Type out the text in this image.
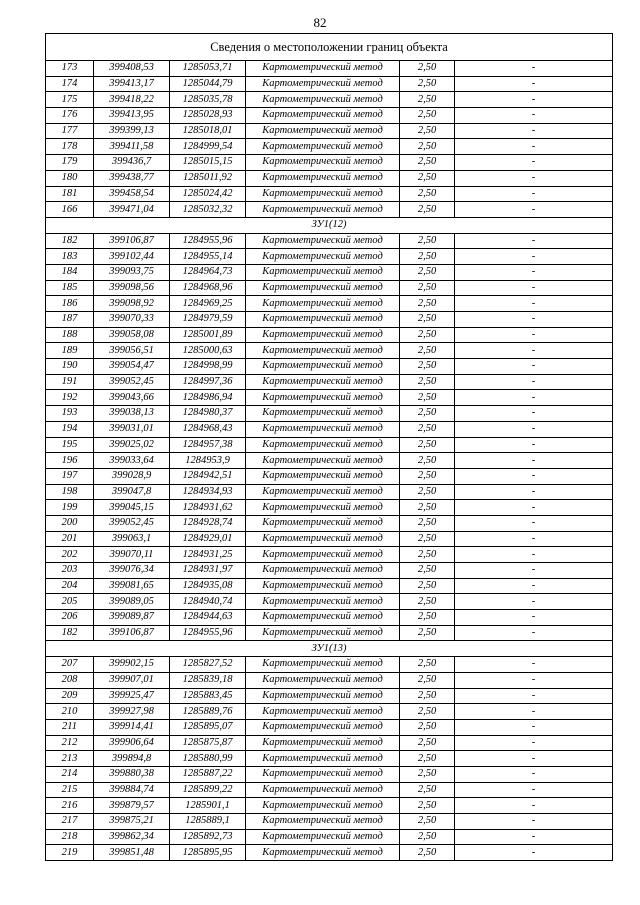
82
Сведения о местоположении границ объекта					
173	399408,53	1285053,71	Картометрический метод	2,50	-
174	399413,17	1285044,79	Картометрический метод	2,50	-
175	399418,22	1285035,78	Картометрический метод	2,50	-
176	399413,95	1285028,93	Картометрический метод	2,50	-
177	399399,13	1285018,01	Картометрический метод	2,50	-
178	399411,58	1284999,54	Картометрический метод	2,50	-
179	399436,7	1285015,15	Картометрический метод	2,50	-
180	399438,77	1285011,92	Картометрический метод	2,50	-
181	399458,54	1285024,42	Картометрический метод	2,50	-
166	399471,04	1285032,32	Картометрический метод	2,50	-
ЗУ1(12)					
182	399106,87	1284955,96	Картометрический метод	2,50	-
183	399102,44	1284955,14	Картометрический метод	2,50	-
184	399093,75	1284964,73	Картометрический метод	2,50	-
185	399098,56	1284968,96	Картометрический метод	2,50	-
186	399098,92	1284969,25	Картометрический метод	2,50	-
187	399070,33	1284979,59	Картометрический метод	2,50	-
188	399058,08	1285001,89	Картометрический метод	2,50	-
189	399056,51	1285000,63	Картометрический метод	2,50	-
190	399054,47	1284998,99	Картометрический метод	2,50	-
191	399052,45	1284997,36	Картометрический метод	2,50	-
192	399043,66	1284986,94	Картометрический метод	2,50	-
193	399038,13	1284980,37	Картометрический метод	2,50	-
194	399031,01	1284968,43	Картометрический метод	2,50	-
195	399025,02	1284957,38	Картометрический метод	2,50	-
196	399033,64	1284953,9	Картометрический метод	2,50	-
197	399028,9	1284942,51	Картометрический метод	2,50	-
198	399047,8	1284934,93	Картометрический метод	2,50	-
199	399045,15	1284931,62	Картометрический метод	2,50	-
200	399052,45	1284928,74	Картометрический метод	2,50	-
201	399063,1	1284929,01	Картометрический метод	2,50	-
202	399070,11	1284931,25	Картометрический метод	2,50	-
203	399076,34	1284931,97	Картометрический метод	2,50	-
204	399081,65	1284935,08	Картометрический метод	2,50	-
205	399089,05	1284940,74	Картометрический метод	2,50	-
206	399089,87	1284944,63	Картометрический метод	2,50	-
182	399106,87	1284955,96	Картометрический метод	2,50	-
ЗУ1(13)					
207	399902,15	1285827,52	Картометрический метод	2,50	-
208	399907,01	1285839,18	Картометрический метод	2,50	-
209	399925,47	1285883,45	Картометрический метод	2,50	-
210	399927,98	1285889,76	Картометрический метод	2,50	-
211	399914,41	1285895,07	Картометрический метод	2,50	-
212	399906,64	1285875,87	Картометрический метод	2,50	-
213	399894,8	1285880,99	Картометрический метод	2,50	-
214	399880,38	1285887,22	Картометрический метод	2,50	-
215	399884,74	1285899,22	Картометрический метод	2,50	-
216	399879,57	1285901,1	Картометрический метод	2,50	-
217	399875,21	1285889,1	Картометрический метод	2,50	-
218	399862,34	1285892,73	Картометрический метод	2,50	-
219	399851,48	1285895,95	Картометрический метод	2,50	-
